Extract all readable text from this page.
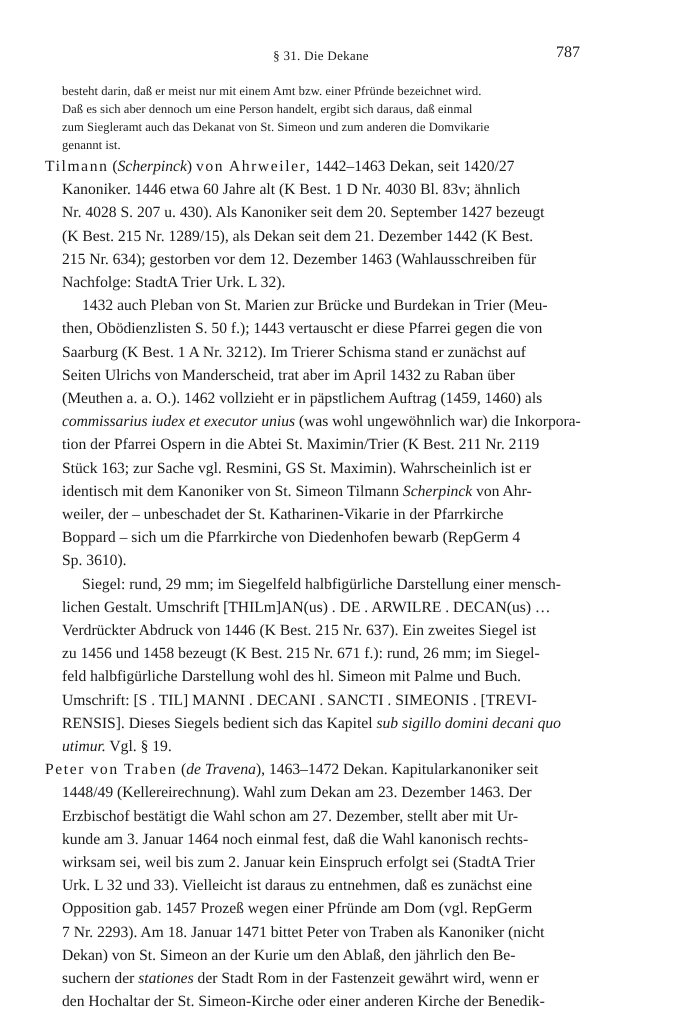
§ 31. Die Dekane	787
besteht darin, daß er meist nur mit einem Amt bzw. einer Pfründe bezeichnet wird.
Daß es sich aber dennoch um eine Person handelt, ergibt sich daraus, daß einmal
zum Siegleramt auch das Dekanat von St. Simeon und zum anderen die Domvikarie
genannt ist.
Tilmann (Scherpinck) von Ahrweiler, 1442–1463 Dekan, seit 1420/27
Kanoniker. 1446 etwa 60 Jahre alt (K Best. 1 D Nr. 4030 Bl. 83v; ähnlich
Nr. 4028 S. 207 u. 430). Als Kanoniker seit dem 20. September 1427 bezeugt
(K Best. 215 Nr. 1289/15), als Dekan seit dem 21. Dezember 1442 (K Best.
215 Nr. 634); gestorben vor dem 12. Dezember 1463 (Wahlausschreiben für
Nachfolge: StadtA Trier Urk. L 32).
1432 auch Pleban von St. Marien zur Brücke und Burdekan in Trier (Meu-
then, Obödienzlisten S. 50 f.); 1443 vertauscht er diese Pfarrei gegen die von
Saarburg (K Best. 1 A Nr. 3212). Im Trierer Schisma stand er zunächst auf
Seiten Ulrichs von Manderscheid, trat aber im April 1432 zu Raban über
(Meuthen a. a. O.). 1462 vollzieht er in päpstlichem Auftrag (1459, 1460) als
commissarius iudex et executor unius (was wohl ungewöhnlich war) die Inkorpora-
tion der Pfarrei Ospern in die Abtei St. Maximin/Trier (K Best. 211 Nr. 2119
Stück 163; zur Sache vgl. Resmini, GS St. Maximin). Wahrscheinlich ist er
identisch mit dem Kanoniker von St. Simeon Tilmann Scherpinck von Ahr-
weiler, der – unbeschadet der St. Katharinen-Vikarie in der Pfarrkirche
Boppard – sich um die Pfarrkirche von Diedenhofen bewarb (RepGerm 4
Sp. 3610).
Siegel: rund, 29 mm; im Siegelfeld halbfigürliche Darstellung einer mensch-
lichen Gestalt. Umschrift [THILm]AN(us) . DE . ARWILRE . DECAN(us) …
Verdrückter Abdruck von 1446 (K Best. 215 Nr. 637). Ein zweites Siegel ist
zu 1456 und 1458 bezeugt (K Best. 215 Nr. 671 f.): rund, 26 mm; im Siegel-
feld halbfigürliche Darstellung wohl des hl. Simeon mit Palme und Buch.
Umschrift: [S . TIL] MANNI . DECANI . SANCTI . SIMEONIS . [TREVI-
RENSIS]. Dieses Siegels bedient sich das Kapitel sub sigillo domini decani quo
utimur. Vgl. § 19.
Peter von Traben (de Travena), 1463–1472 Dekan. Kapitularkanoniker seit
1448/49 (Kellereirechnung). Wahl zum Dekan am 23. Dezember 1463. Der
Erzbischof bestätigt die Wahl schon am 27. Dezember, stellt aber mit Ur-
kunde am 3. Januar 1464 noch einmal fest, daß die Wahl kanonisch rechts-
wirksam sei, weil bis zum 2. Januar kein Einspruch erfolgt sei (StadtA Trier
Urk. L 32 und 33). Vielleicht ist daraus zu entnehmen, daß es zunächst eine
Opposition gab. 1457 Prozeß wegen einer Pfründe am Dom (vgl. RepGerm
7 Nr. 2293). Am 18. Januar 1471 bittet Peter von Traben als Kanoniker (nicht
Dekan) von St. Simeon an der Kurie um den Ablaß, den jährlich den Be-
suchern der stationes der Stadt Rom in der Fastenzeit gewährt wird, wenn er
den Hochaltar der St. Simeon-Kirche oder einer anderen Kirche der Benedik-
